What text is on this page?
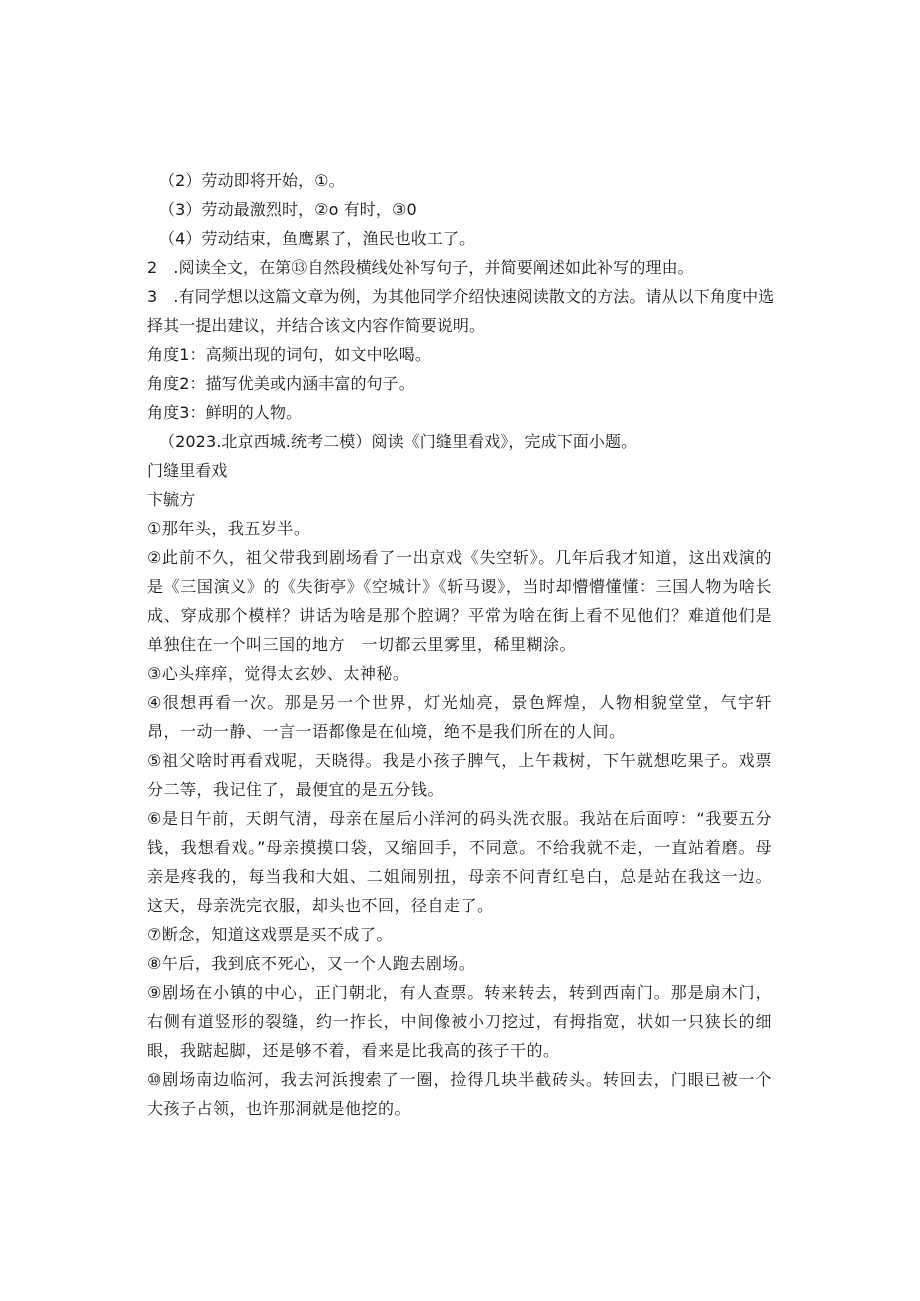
（2）劳动即将开始，①。
（3）劳动最激烈时，②o 有时，③0
（4）劳动结束，鱼鹰累了，渔民也收工了。
2　.阅读全文，在第⑬自然段横线处补写句子，并简要阐述如此补写的理由。
3　.有同学想以这篇文章为例，为其他同学介绍快速阅读散文的方法。请从以下角度中选
择其一提出建议，并结合该文内容作简要说明。
角度1：高频出现的词句，如文中吆喝。
角度2：描写优美或内涵丰富的句子。
角度3：鲜明的人物。
（2023.北京西城.统考二模）阅读《门缝里看戏》，完成下面小题。
门缝里看戏
卞毓方

①那年头，我五岁半。

②此前不久，祖父带我到剧场看了一出京戏《失空斩》。几年后我才知道，这出戏演的是《三国演义》的《失街亭》《空城计》《斩马谡》，当时却懵懵懂懂：三国人物为啥长成、穿成那个模样？讲话为啥是那个腔调？平常为啥在街上看不见他们？难道他们是单独住在一个叫三国的地方　一切都云里雾里，稀里糊涂。

③心头痒痒，觉得太玄妙、太神秘。

④很想再看一次。那是另一个世界，灯光灿亮，景色辉煌，人物相貌堂堂，气宇轩昂，一动一静、一言一语都像是在仙境，绝不是我们所在的人间。

⑤祖父啥时再看戏呢，天晓得。我是小孩子脾气，上午栽树，下午就想吃果子。戏票分二等，我记住了，最便宜的是五分钱。

⑥是日午前，天朗气清，母亲在屋后小洋河的码头洗衣服。我站在后面哼：“我要五分钱，我想看戏。”母亲摸摸口袋，又缩回手，不同意。不给我就不走，一直站着磨。母亲是疼我的，每当我和大姐、二姐闹别扭，母亲不问青红皂白，总是站在我这一边。这天，母亲洗完衣服，却头也不回，径自走了。

⑦断念，知道这戏票是买不成了。

⑧午后，我到底不死心，又一个人跑去剧场。

⑨剧场在小镇的中心，正门朝北，有人查票。转来转去，转到西南门。那是扇木门，右侧有道竖形的裂缝，约一拃长，中间像被小刀挖过，有拇指宽，状如一只狭长的细眼，我踮起脚，还是够不着，看来是比我高的孩子干的。

⑩剧场南边临河，我去河浜搜索了一圈，捡得几块半截砖头。转回去，门眼已被一个大孩子占领，也许那洞就是他挖的。
